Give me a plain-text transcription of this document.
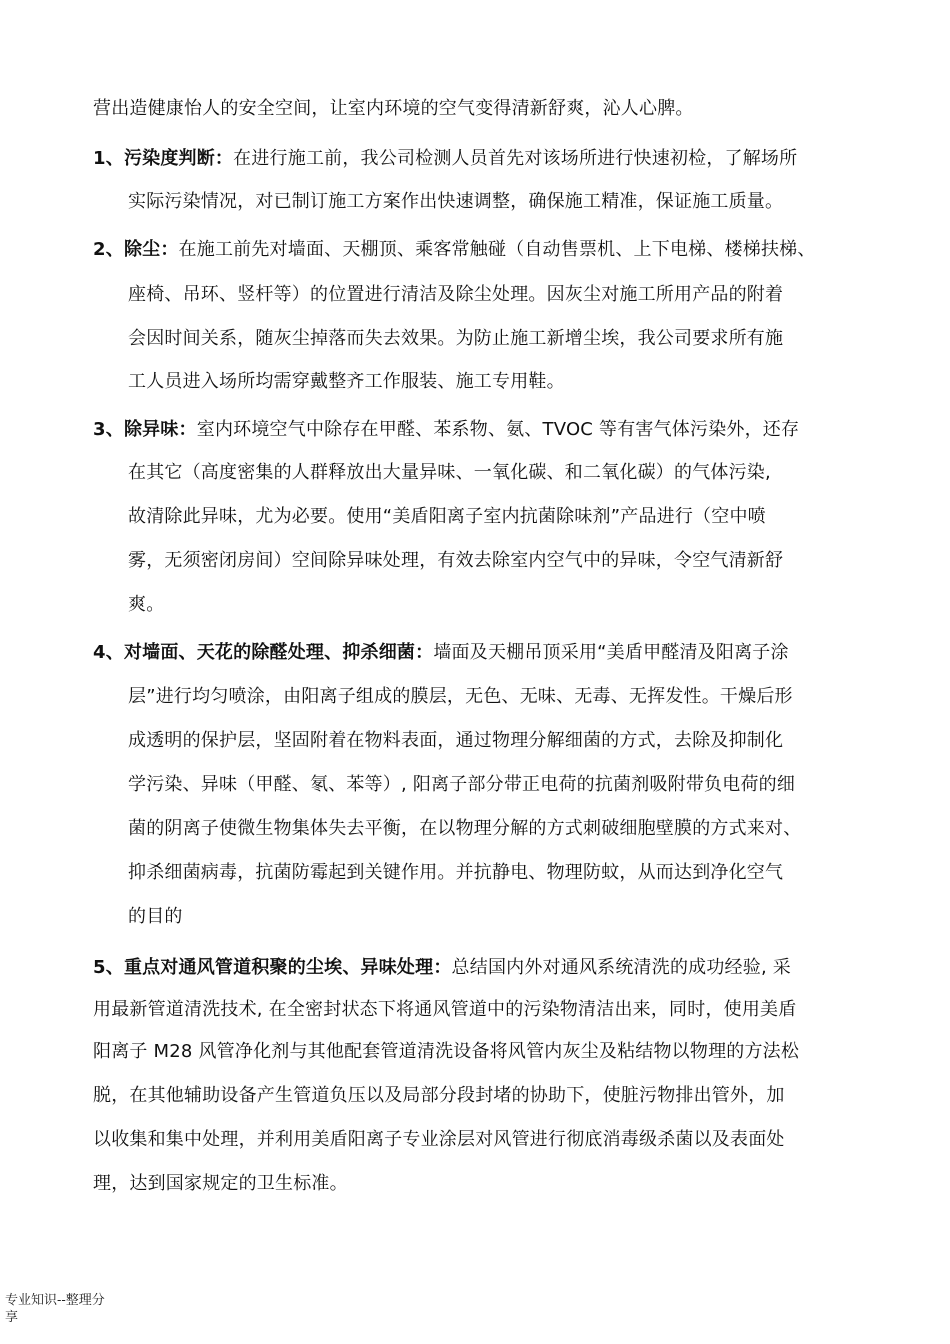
营出造健康怡人的安全空间，让室内环境的空气变得清新舒爽，沁人心脾。
1、污染度判断：在进行施工前，我公司检测人员首先对该场所进行快速初检，了解场所
实际污染情况，对已制订施工方案作出快速调整，确保施工精准，保证施工质量。
2、除尘：在施工前先对墙面、天棚顶、乘客常触碰（自动售票机、上下电梯、楼梯扶梯、
座椅、吊环、竖杆等）的位置进行清洁及除尘处理。因灰尘对施工所用产品的附着
会因时间关系，随灰尘掉落而失去效果。为防止施工新增尘埃，我公司要求所有施
工人员进入场所均需穿戴整齐工作服装、施工专用鞋。
3、除异味：室内环境空气中除存在甲醛、苯系物、氨、TVOC 等有害气体污染外，还存
在其它（高度密集的人群释放出大量异味、一氧化碳、和二氧化碳）的气体污染,
故清除此异味，尤为必要。使用“美盾阳离子室内抗菌除味剂”产品进行（空中喷
雾，无须密闭房间）空间除异味处理，有效去除室内空气中的异味，令空气清新舒
爽。
4、对墙面、天花的除醛处理、抑杀细菌：墙面及天棚吊顶采用“美盾甲醛清及阳离子涂
层”进行均匀喷涂，由阳离子组成的膜层，无色、无味、无毒、无挥发性。干燥后形
成透明的保护层，坚固附着在物料表面，通过物理分解细菌的方式，去除及抑制化
学污染、异味（甲醛、氡、苯等）, 阳离子部分带正电荷的抗菌剂吸附带负电荷的细
菌的阴离子使微生物集体失去平衡，在以物理分解的方式刺破细胞壁膜的方式来对、
抑杀细菌病毒，抗菌防霉起到关键作用。并抗静电、物理防蚊，从而达到净化空气
的目的
5、重点对通风管道积聚的尘埃、异味处理：总结国内外对通风系统清洗的成功经验, 采
用最新管道清洗技术, 在全密封状态下将通风管道中的污染物清洁出来，同时，使用美盾
阳离子 M28 风管净化剂与其他配套管道清洗设备将风管内灰尘及粘结物以物理的方法松
脱，在其他辅助设备产生管道负压以及局部分段封堵的协助下，使脏污物排出管外，加
以收集和集中处理，并利用美盾阳离子专业涂层对风管进行彻底消毒级杀菌以及表面处
理，达到国家规定的卫生标准。
专业知识--整理分享
